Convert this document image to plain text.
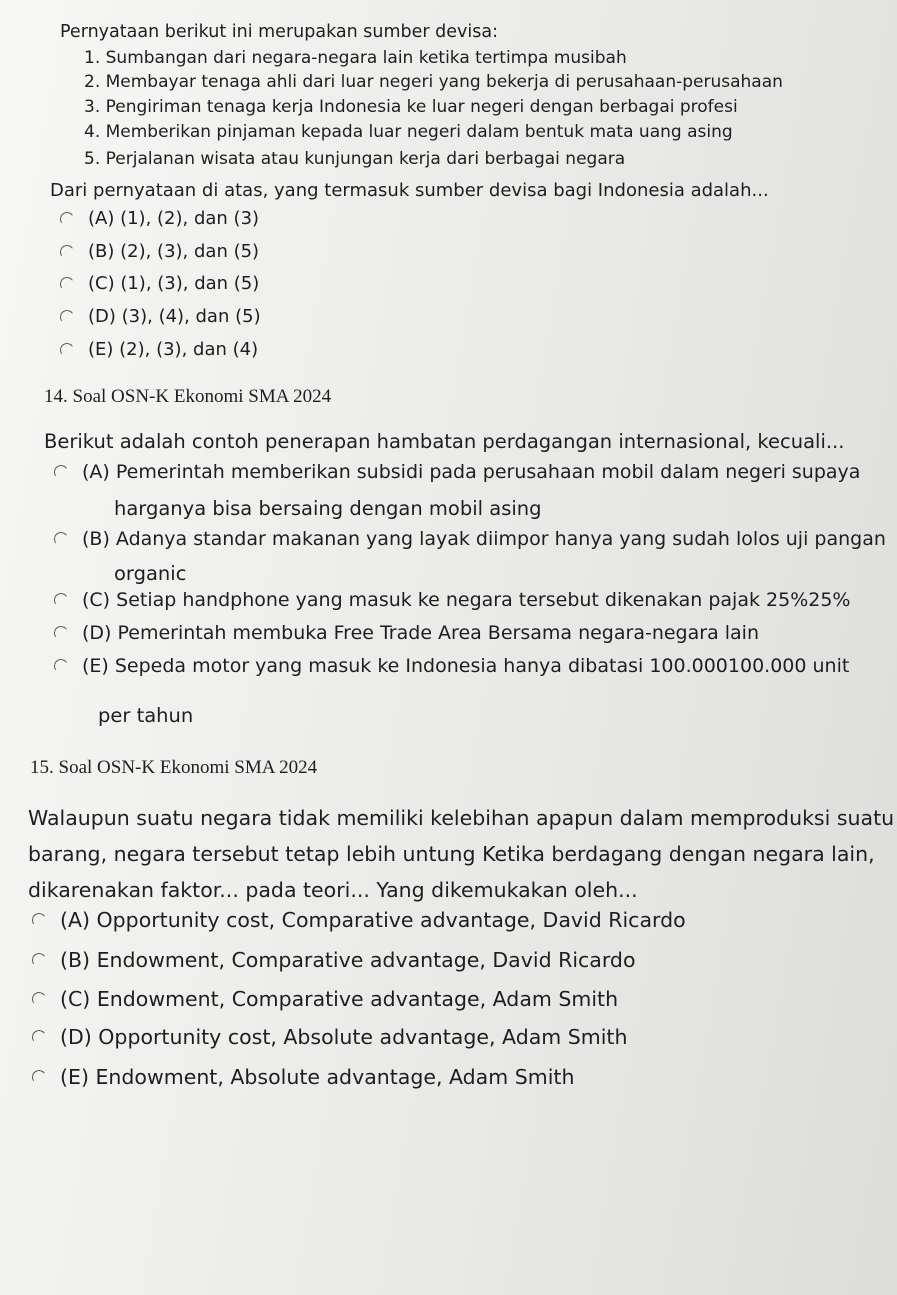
Pernyataan berikut ini merupakan sumber devisa:
1. Sumbangan dari negara-negara lain ketika tertimpa musibah
2. Membayar tenaga ahli dari luar negeri yang bekerja di perusahaan-perusahaan
3. Pengiriman tenaga kerja Indonesia ke luar negeri dengan berbagai profesi
4. Memberikan pinjaman kepada luar negeri dalam bentuk mata uang asing
5. Perjalanan wisata atau kunjungan kerja dari berbagai negara
Dari pernyataan di atas, yang termasuk sumber devisa bagi Indonesia adalah...
(A) (1), (2), dan (3)
(B) (2), (3), dan (5)
(C) (1), (3), dan (5)
(D) (3), (4), dan (5)
(E) (2), (3), dan (4)
14. Soal OSN-K Ekonomi SMA 2024
Berikut adalah contoh penerapan hambatan perdagangan internasional, kecuali...
(A) Pemerintah memberikan subsidi pada perusahaan mobil dalam negeri supaya
harganya bisa bersaing dengan mobil asing
(B) Adanya standar makanan yang layak diimpor hanya yang sudah lolos uji pangan
organic
(C) Setiap handphone yang masuk ke negara tersebut dikenakan pajak 25%25%
(D) Pemerintah membuka Free Trade Area Bersama negara-negara lain
(E) Sepeda motor yang masuk ke Indonesia hanya dibatasi 100.000100.000 unit
per tahun
15. Soal OSN-K Ekonomi SMA 2024
Walaupun suatu negara tidak memiliki kelebihan apapun dalam memproduksi suatu
barang, negara tersebut tetap lebih untung Ketika berdagang dengan negara lain,
dikarenakan faktor... pada teori... Yang dikemukakan oleh...
(A) Opportunity cost, Comparative advantage, David Ricardo
(B) Endowment, Comparative advantage, David Ricardo
(C) Endowment, Comparative advantage, Adam Smith
(D) Opportunity cost, Absolute advantage, Adam Smith
(E) Endowment, Absolute advantage, Adam Smith
